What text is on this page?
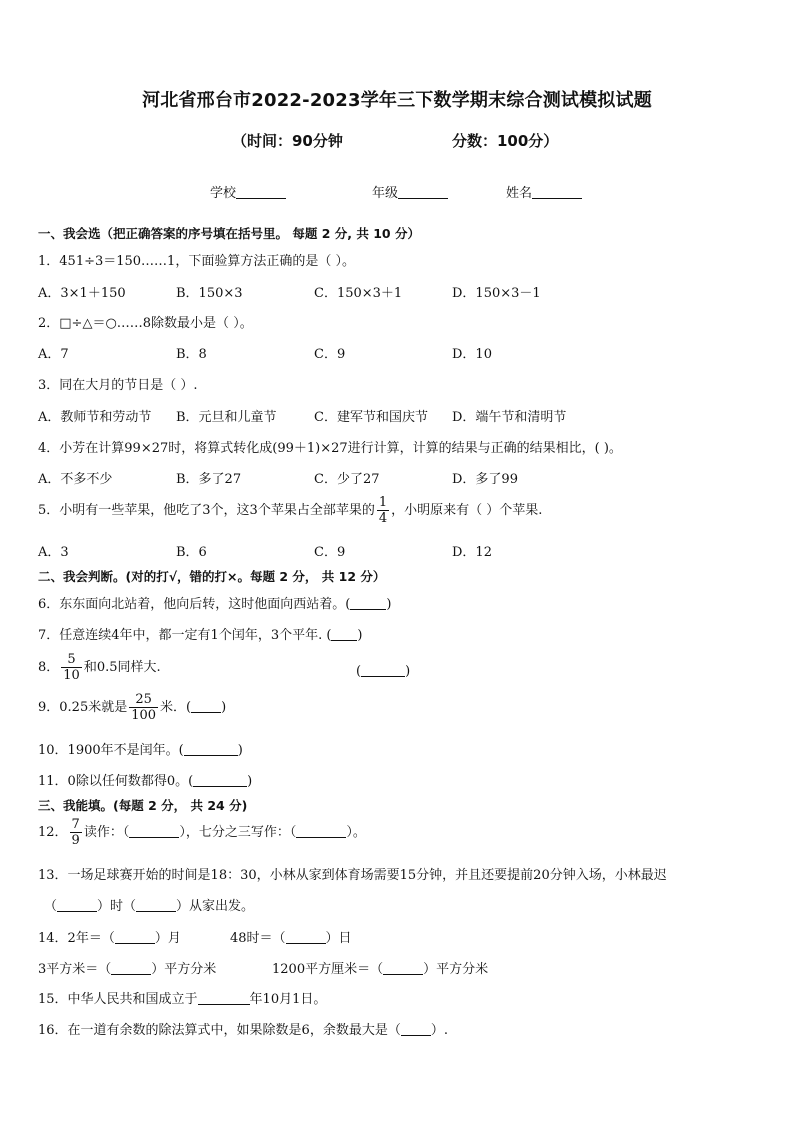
河北省邢台市2022-2023学年三下数学期末综合测试模拟试题
（时间：90分钟	分数：100分）
学校	年级	姓名
一、我会选（把正确答案的序号填在括号里。 每题 2 分, 共 10 分）
1．451÷3＝150……1，下面验算方法正确的是（ ）。
A．3×1＋150	B．150×3	C．150×3＋1	D．150×3－1
2．□÷△＝○……8除数最小是（ ）。
A．7	B．8	C．9	D．10
3．同在大月的节日是（ ）.
A．教师节和劳动节 B．元旦和儿童节	C．建军节和国庆节 D．端午节和清明节
4．小芳在计算99×27时，将算式转化成(99＋1)×27进行计算，计算的结果与正确的结果相比，( )。
A．不多不少	B．多了27	C．少了27	D．多了99
5．小明有一些苹果，他吃了3个，这3个苹果占全部苹果的 $\frac{1}{4}$ ，小明原来有（ ）个苹果.
A．3	B．6	C．9	D．12
二、我会判断。(对的打√，错的打×。每题 2 分， 共 12 分）
6．东东面向北站着，他向后转，这时他面向西站着。(	)
7．任意连续4年中，都一定有1个闰年，3个平年. ( )
8． $\frac{5}{10}$ 和0.5同样大.	(	)
9．0.25米就是 $\frac{25}{100}$ 米．( )
10．1900年不是闰年。(	)
11．0除以任何数都得0。(	)
三、我能填。(每题 2 分， 共 24 分)
12． $\frac{7}{9}$ 读作：（	），七分之三写作：（	）。
13．一场足球赛开始的时间是18：30，小林从家到体育场需要15分钟，并且还要提前20分钟入场，小林最迟
（	）时（	）从家出发。
14．2年＝（	）月	48时＝（	）日
3平方米＝（	）平方分米	1200平方厘米＝（	）平方分米
15．中华人民共和国成立于	年10月1日。
16．在一道有余数的除法算式中，如果除数是6，余数最大是（ ）.
